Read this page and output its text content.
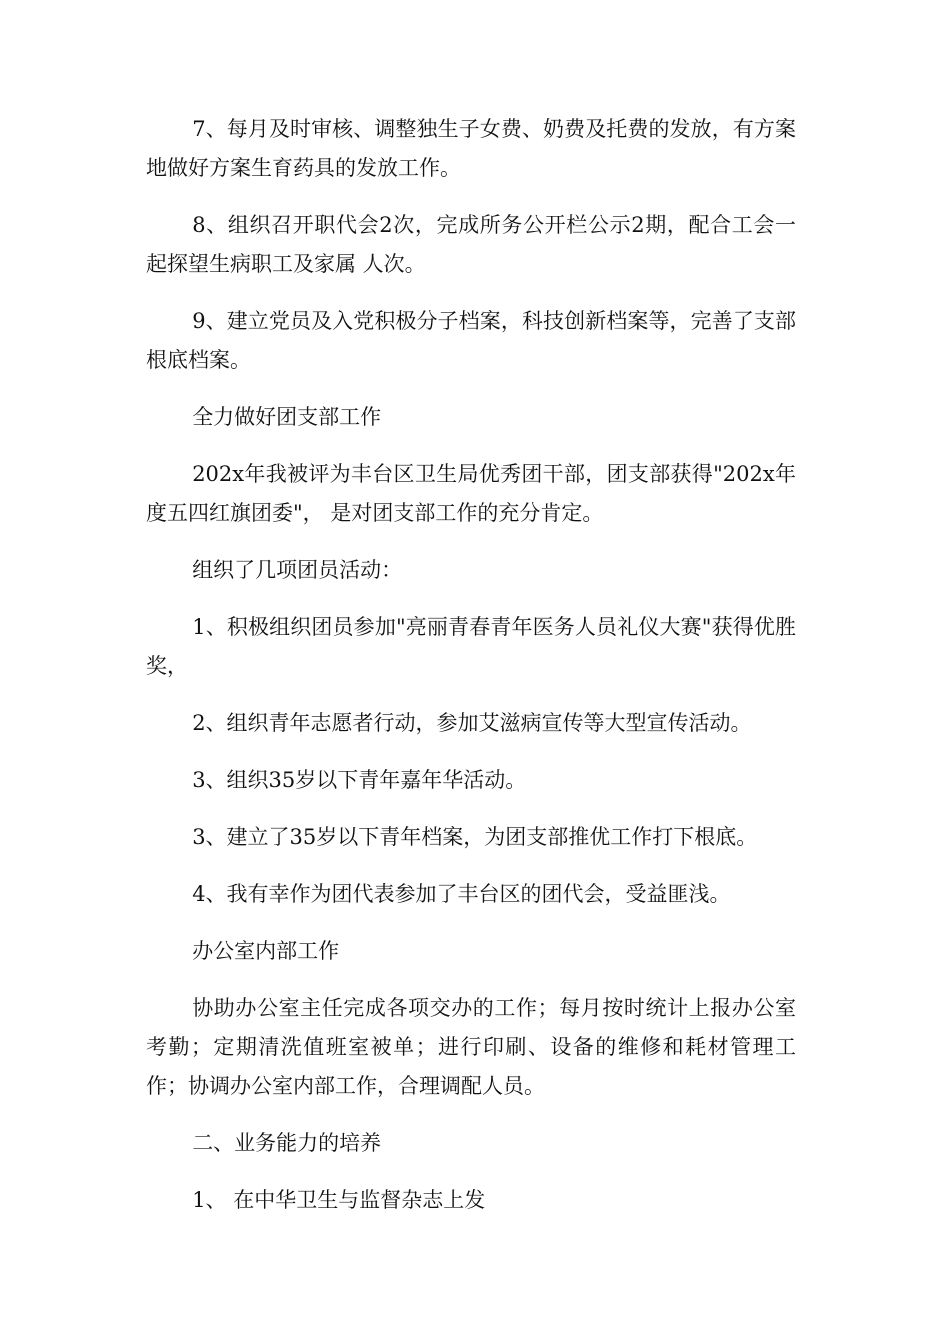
7、每月及时审核、调整独生子女费、奶费及托费的发放，有方案地做好方案生育药具的发放工作。

8、组织召开职代会2次，完成所务公开栏公示2期，配合工会一起探望生病职工及家属 人次。

9、建立党员及入党积极分子档案，科技创新档案等，完善了支部根底档案。

全力做好团支部工作

202x年我被评为丰台区卫生局优秀团干部，团支部获得"202x年度五四红旗团委"， 是对团支部工作的充分肯定。

组织了几项团员活动：

1、积极组织团员参加"亮丽青春青年医务人员礼仪大赛"获得优胜奖，

2、组织青年志愿者行动，参加艾滋病宣传等大型宣传活动。

3、组织35岁以下青年嘉年华活动。

3、建立了35岁以下青年档案，为团支部推优工作打下根底。

4、我有幸作为团代表参加了丰台区的团代会，受益匪浅。

办公室内部工作

协助办公室主任完成各项交办的工作；每月按时统计上报办公室考勤；定期清洗值班室被单；进行印刷、设备的维修和耗材管理工作；协调办公室内部工作，合理调配人员。

二、业务能力的培养

1、 在中华卫生与监督杂志上发
